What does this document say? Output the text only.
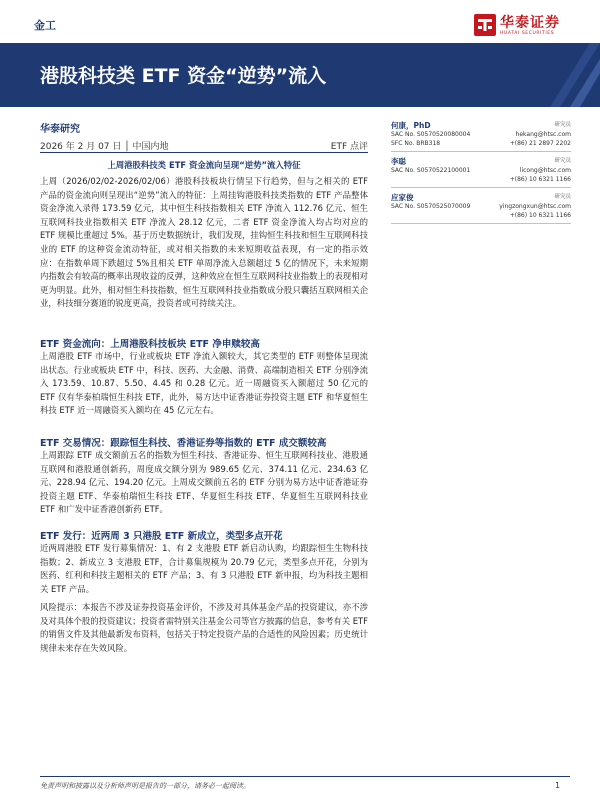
金工	华泰证券
HUATAI SECURITIES
港股科技类 ETF 资金“逆势”流入
华泰研究
2026 年 2 月 07 日 │ 中国内地	ETF 点评
上周港股科技类 ETF 资金流向呈现“逆势”流入特征
上周（2026/02/02-2026/02/06）港股科技板块行情呈下行趋势，但与之相关的 ETF 产品的资金流向则呈现出“逆势”流入的特征：上周挂钩港股科技类指数的 ETF 产品整体资金净流入录得 173.59 亿元，其中恒生科技指数相关 ETF 净流入 112.76 亿元、恒生互联网科技业指数相关 ETF 净流入 28.12 亿元，二者 ETF 资金净流入均占均对应的 ETF 规模比重超过 5%。基于历史数据统计，我们发现，挂钩恒生科技和恒生互联网科技业的 ETF 的这种资金流动特征，或对相关指数的未来短期收益表现，有一定的指示效应：在指数单周下跌超过 5%且相关 ETF 单周净流入总额超过 5 亿的情况下，未来短期内指数会有较高的概率出现收益的反弹，这种效应在恒生互联网科技业指数上的表现相对更为明显。此外，相对恒生科技指数，恒生互联网科技业指数成分股只囊括互联网相关企业，科技细分赛道的锐度更高，投资者或可持续关注。
ETF 资金流向：上周港股科技板块 ETF 净申赎较高
上周港股 ETF 市场中，行业或板块 ETF 净流入额较大，其它类型的 ETF 则整体呈现流出状态。行业或板块 ETF 中，科技、医药、大金融、消费、高端制造相关 ETF 分别净流入 173.59、10.87、5.50、4.45 和 0.28 亿元。近一周融资买入额超过 50 亿元的 ETF 仅有华泰柏瑞恒生科技 ETF，此外，易方达中证香港证券投资主题 ETF 和华夏恒生科技 ETF 近一周融资买入额均在 45 亿元左右。
ETF 交易情况：跟踪恒生科技、香港证券等指数的 ETF 成交额较高
上周跟踪 ETF 成交额前五名的指数为恒生科技、香港证券、恒生互联网科技业、港股通互联网和港股通创新药，周度成交额分别为 989.65 亿元、374.11 亿元、234.63 亿元、228.94 亿元、194.20 亿元。上周成交额前五名的 ETF 分别为易方达中证香港证券投资主题 ETF、华泰柏瑞恒生科技 ETF、华夏恒生科技 ETF、华夏恒生互联网科技业 ETF 和广发中证香港创新药 ETF。
ETF 发行：近两周 3 只港股 ETF 新成立，类型多点开花
近两周港股 ETF 发行募集情况：1、有 2 支港股 ETF 新启动认购，均跟踪恒生生物科技指数；2、新成立 3 支港股 ETF，合计募集规模为 20.79 亿元，类型多点开花，分别为医药、红利和科技主题相关的 ETF 产品；3、有 3 只港股 ETF 新申报，均为科技主题相关 ETF 产品。
风险提示：本报告不涉及证券投资基金评价，不涉及对具体基金产品的投资建议，亦不涉及对具体个股的投资建议；投资者需特别关注基金公司等官方披露的信息，参考有关 ETF 的销售文件及其他最新发布资料，包括关于特定投资产品的合适性的风险因素；历史统计规律未来存在失效风险。
何康，PhD	研究员
SAC No. S0570520080004	hekang@htsc.com
SFC No. BRB318	+(86) 21 2897 2202
李聪	研究员
SAC No. S0570522100001	licong@htsc.com
+(86) 10 6321 1166
应家俊	研究员
SAC No. S0570525070009	yingzongxun@htsc.com
+(86) 10 6321 1166
免责声明和披露以及分析师声明是报告的一部分，请务必一起阅读。	1
